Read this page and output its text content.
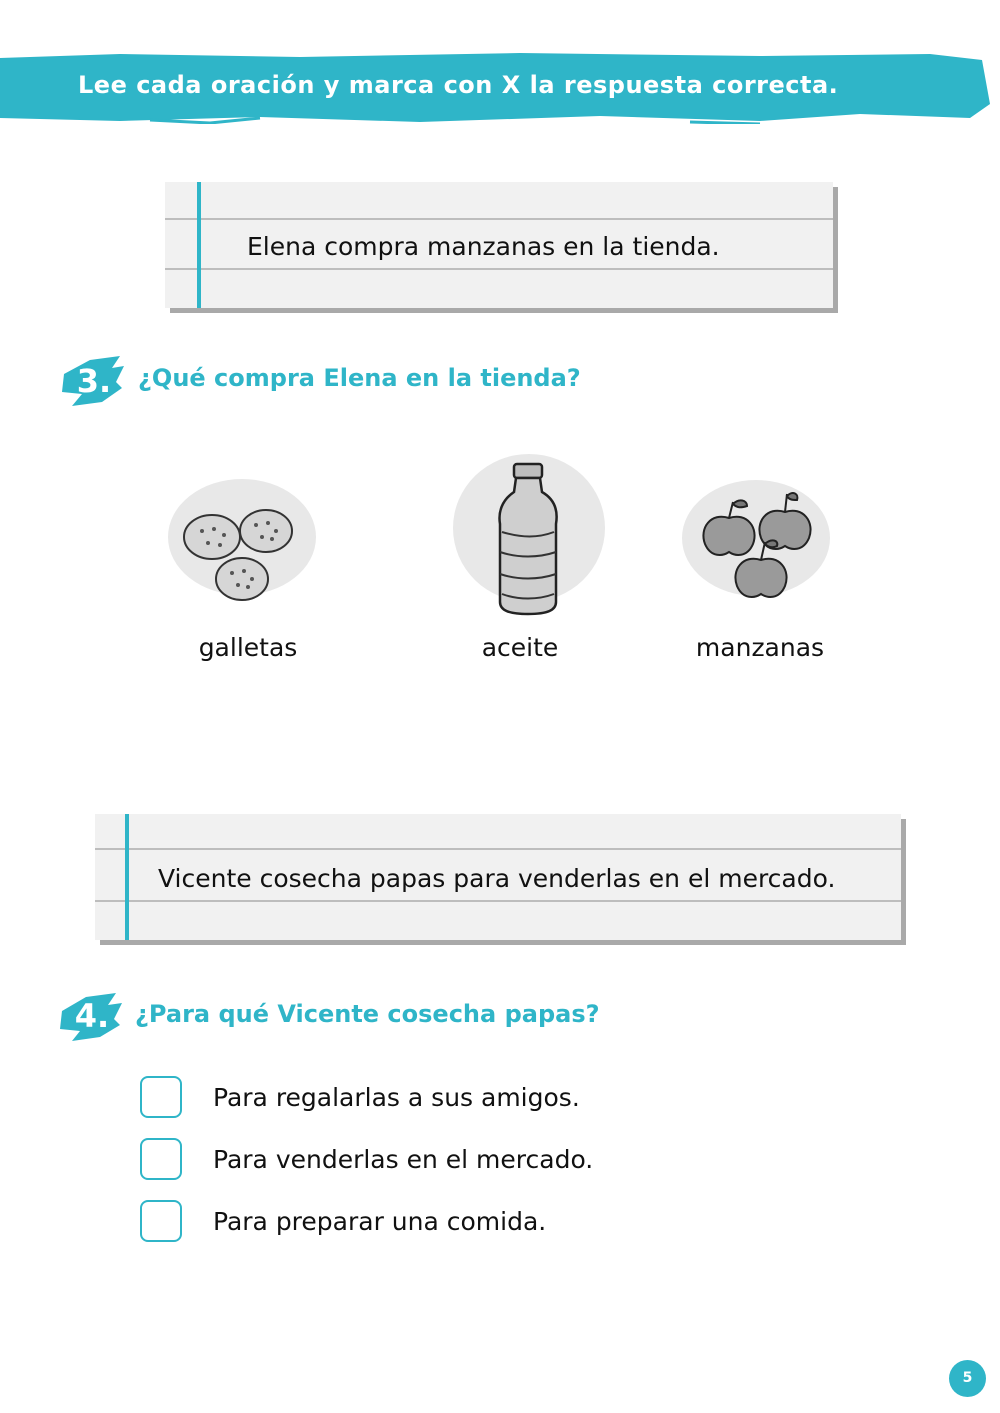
Lee cada oración y marca con X la respuesta correcta.
Elena compra manzanas en la tienda.
3. ¿Qué compra Elena en la tienda?
galletas	aceite	manzanas
Vicente cosecha papas para venderlas en el mercado.
4. ¿Para qué Vicente cosecha papas?
Para regalarlas a sus amigos.
Para venderlas en el mercado.
Para preparar una comida.
5
